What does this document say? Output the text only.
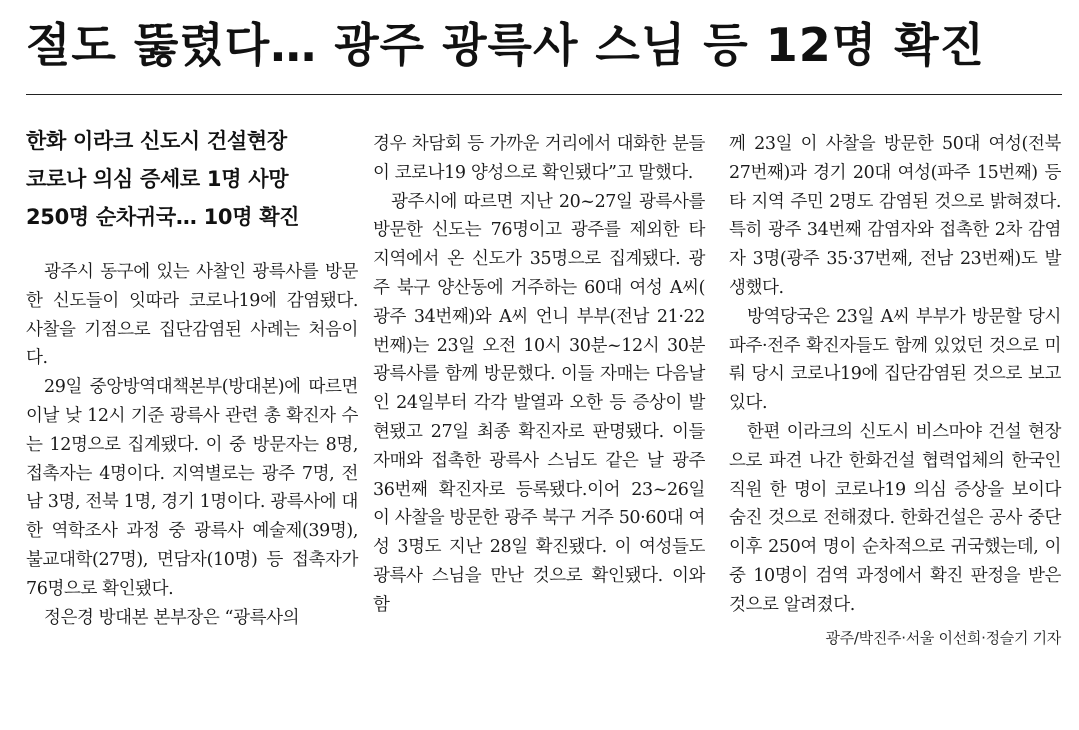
절도 뚫렸다… 광주 광륵사 스님 등 12명 확진
한화 이라크 신도시 건설현장
코로나 의심 증세로 1명 사망
250명 순차귀국… 10명 확진

광주시 동구에 있는 사찰인 광륵사를 방문한 신도들이 잇따라 코로나19에 감염됐다. 사찰을 기점으로 집단감염된 사례는 처음이다.

29일 중앙방역대책본부(방대본)에 따르면 이날 낮 12시 기준 광륵사 관련 총 확진자 수는 12명으로 집계됐다. 이 중 방문자는 8명, 접촉자는 4명이다. 지역별로는 광주 7명, 전남 3명, 전북 1명, 경기 1명이다. 광륵사에 대한 역학조사 과정 중 광륵사 예술제(39명), 불교대학(27명), 면담자(10명) 등 접촉자가 76명으로 확인됐다.

정은경 방대본 본부장은 “광륵사의

경우 차담회 등 가까운 거리에서 대화한 분들이 코로나19 양성으로 확인됐다”고 말했다.

광주시에 따르면 지난 20~27일 광륵사를 방문한 신도는 76명이고 광주를 제외한 타 지역에서 온 신도가 35명으로 집계됐다. 광주 북구 양산동에 거주하는 60대 여성 A씨( 광주 34번째)와 A씨 언니 부부(전남 21·22번째)는 23일 오전 10시 30분~12시 30분 광륵사를 함께 방문했다. 이들 자매는 다음날인 24일부터 각각 발열과 오한 등 증상이 발현됐고 27일 최종 확진자로 판명됐다. 이들 자매와 접촉한 광륵사 스님도 같은 날 광주 36번째 확진자로 등록됐다.이어 23~26일 이 사찰을 방문한 광주 북구 거주 50·60대 여성 3명도 지난 28일 확진됐다. 이 여성들도 광륵사 스님을 만난 것으로 확인됐다. 이와 함

께 23일 이 사찰을 방문한 50대 여성(전북 27번째)과 경기 20대 여성(파주 15번째) 등 타 지역 주민 2명도 감염된 것으로 밝혀졌다. 특히 광주 34번째 감염자와 접촉한 2차 감염자 3명(광주 35·37번째, 전남 23번째)도 발생했다.

방역당국은 23일 A씨 부부가 방문할 당시 파주·전주 확진자들도 함께 있었던 것으로 미뤄 당시 코로나19에 집단감염된 것으로 보고 있다.

한편 이라크의 신도시 비스마야 건설 현장으로 파견 나간 한화건설 협력업체의 한국인 직원 한 명이 코로나19 의심 증상을 보이다 숨진 것으로 전해졌다. 한화건설은 공사 중단 이후 250여 명이 순차적으로 귀국했는데, 이 중 10명이 검역 과정에서 확진 판정을 받은 것으로 알려졌다.

광주/박진주·서울 이선희·정슬기 기자
